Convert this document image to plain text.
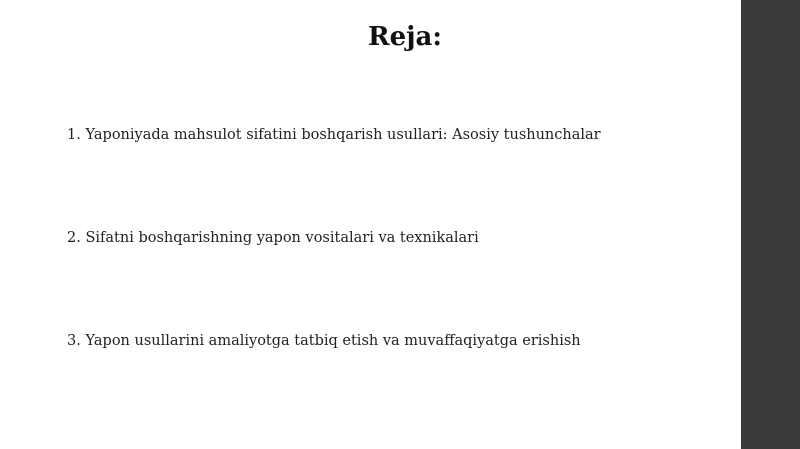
Reja:
1. Yaponiyada mahsulot sifatini boshqarish usullari: Asosiy tushunchalar
2. Sifatni boshqarishning yapon vositalari va texnikalari
3. Yapon usullarini amaliyotga tatbiq etish va muvaffaqiyatga erishish
